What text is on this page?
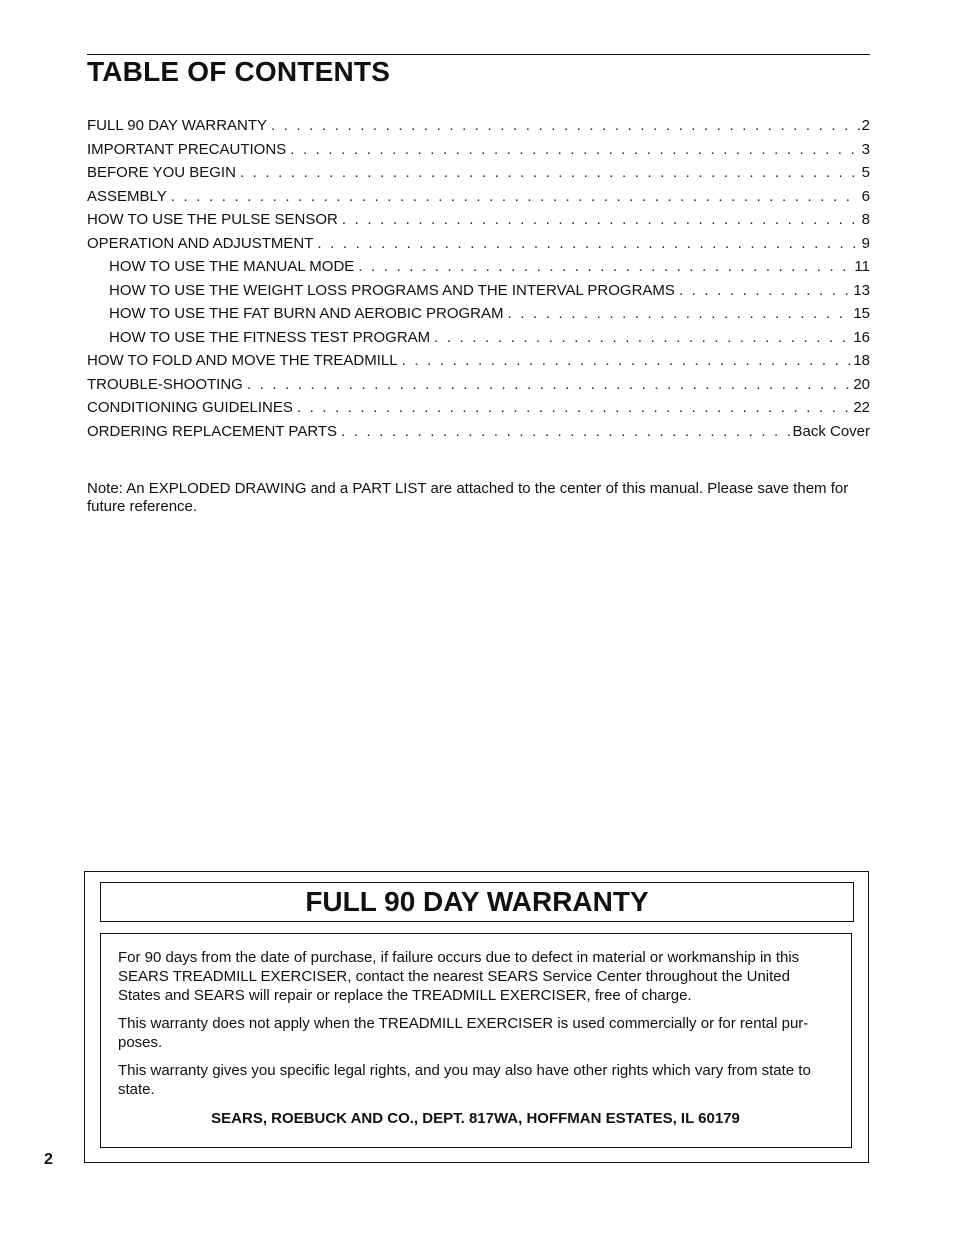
TABLE OF CONTENTS
FULL 90 DAY WARRANTY . . .	2
IMPORTANT PRECAUTIONS . . .	3
BEFORE YOU BEGIN . . .	5
ASSEMBLY . . .	6
HOW TO USE THE PULSE SENSOR . . .	8
OPERATION AND ADJUSTMENT . . .	9
HOW TO USE THE MANUAL MODE . . .	11
HOW TO USE THE WEIGHT LOSS PROGRAMS AND THE INTERVAL PROGRAMS . . .	13
HOW TO USE THE FAT BURN AND AEROBIC PROGRAM . . .	15
HOW TO USE THE FITNESS TEST PROGRAM . . .	16
HOW TO FOLD AND MOVE THE TREADMILL . . .	18
TROUBLE-SHOOTING . . .	20
CONDITIONING GUIDELINES . . .	22
ORDERING REPLACEMENT PARTS . . .	Back Cover
Note: An EXPLODED DRAWING and a PART LIST are attached to the center of this manual. Please save them for future reference.
FULL 90 DAY WARRANTY

For 90 days from the date of purchase, if failure occurs due to defect in material or workmanship in this SEARS TREADMILL EXERCISER, contact the nearest SEARS Service Center throughout the United States and SEARS will repair or replace the TREADMILL EXERCISER, free of charge.

This warranty does not apply when the TREADMILL EXERCISER is used commercially or for rental pur-poses.

This warranty gives you specific legal rights, and you may also have other rights which vary from state to state.

SEARS, ROEBUCK AND CO., DEPT. 817WA, HOFFMAN ESTATES, IL 60179

2
